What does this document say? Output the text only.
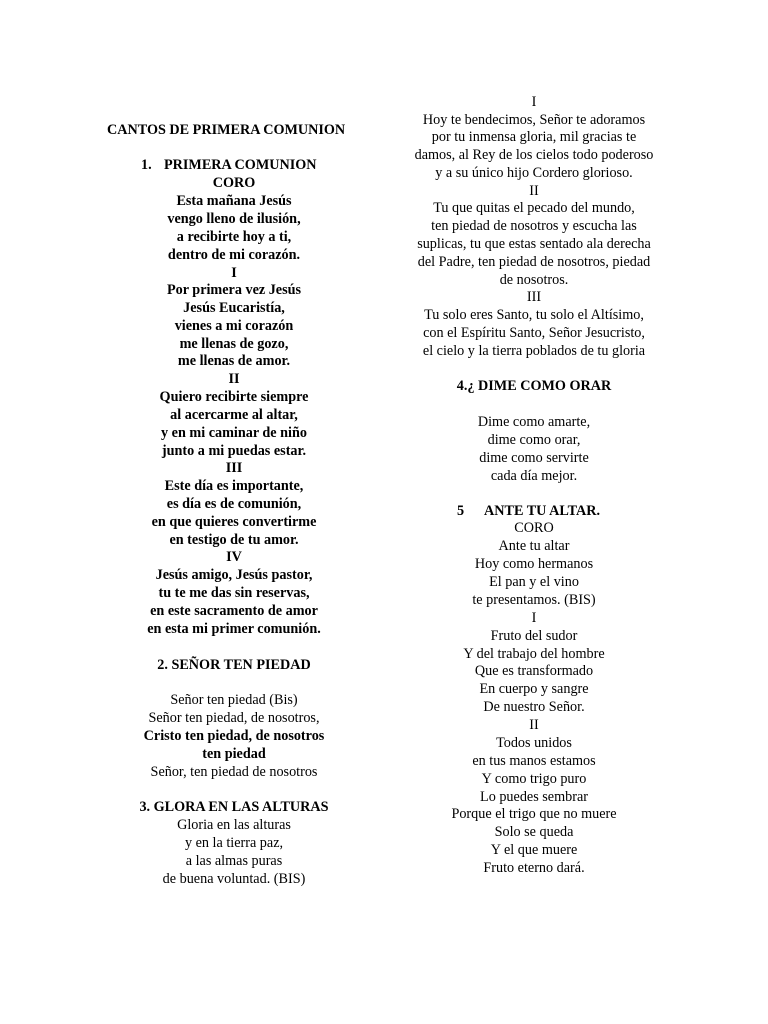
CANTOS DE PRIMERA COMUNION
1. PRIMERA COMUNION
CORO
Esta mañana Jesús
vengo lleno de ilusión,
a recibirte hoy a ti,
dentro de mi corazón.
I
Por primera vez Jesús
Jesús Eucaristía,
vienes a mi corazón
me llenas de gozo,
me llenas de amor.
II
Quiero recibirte siempre
al acercarme al altar,
y en mi caminar de niño
junto a mi puedas estar.
III
Este día es importante,
es día es de comunión,
en que quieres convertirme
en testigo de tu amor.
IV
Jesús amigo, Jesús pastor,
tu te me das sin reservas,
en este sacramento de amor
en esta mi primer comunión.
2. SEÑOR TEN PIEDAD
Señor ten piedad (Bis)
Señor ten piedad, de nosotros,
Cristo ten piedad, de nosotros
ten piedad
Señor, ten piedad de nosotros
3. GLORA EN LAS ALTURAS
Gloria en las alturas
y en la tierra paz,
a las almas puras
de buena voluntad. (BIS)
I
Hoy te bendecimos, Señor te adoramos
por tu inmensa gloria, mil gracias te
damos, al Rey de los cielos todo poderoso
y a su único hijo Cordero glorioso.
II
Tu que quitas el pecado del mundo,
ten piedad de nosotros y escucha las
suplicas, tu que estas sentado ala derecha
del Padre, ten piedad de nosotros, piedad
de nosotros.
III
Tu solo eres Santo, tu solo el Altísimo,
con el Espíritu Santo, Señor Jesucristo,
el cielo y la tierra poblados de tu gloria
4.¿ DIME COMO ORAR
Dime como amarte,
dime como orar,
dime como servirte
cada día mejor.
5 ANTE TU ALTAR.
CORO
Ante tu altar
Hoy como hermanos
El pan y el vino
te presentamos. (BIS)
I
Fruto del sudor
Y del trabajo del hombre
Que es transformado
En cuerpo y sangre
De nuestro Señor.
II
Todos unidos
en tus manos estamos
Y como trigo puro
Lo puedes sembrar
Porque el trigo que no muere
Solo se queda
Y el que muere
Fruto eterno dará.
